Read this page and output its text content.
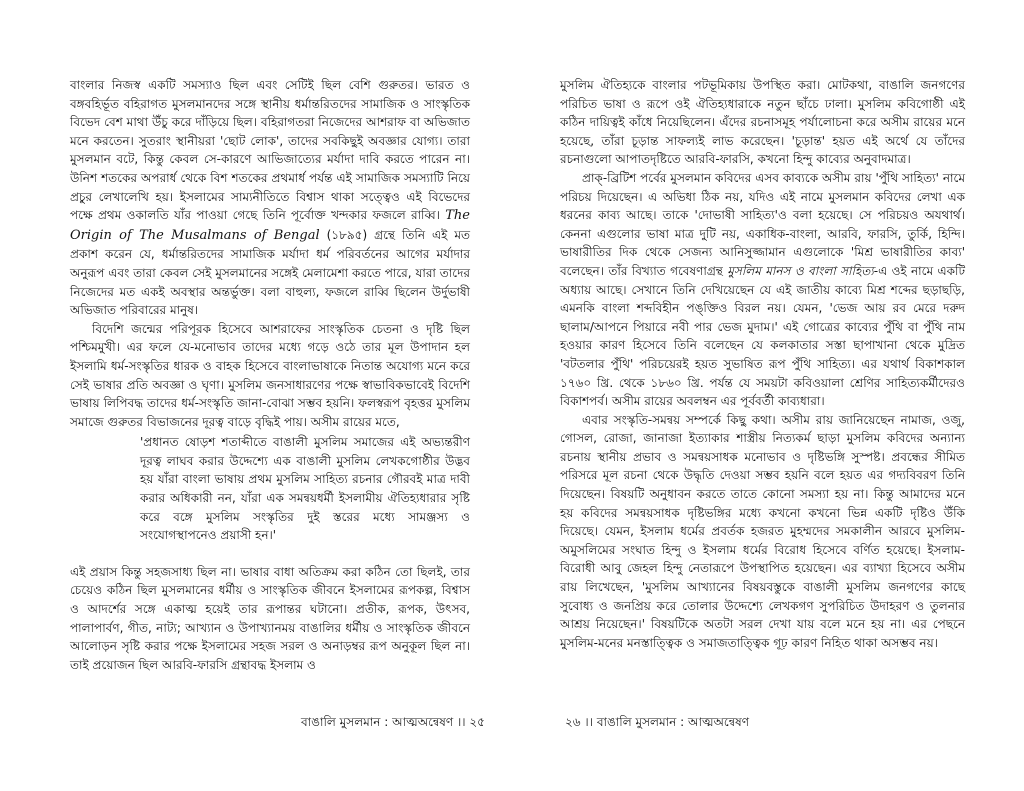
বাংলার নিজস্ব একটি সমস্যাও ছিল এবং সেটিই ছিল বেশি গুরুতর। ভারত ও বঙ্গবহির্ভূত বহিরাগত মুসলমানদের সঙ্গে স্থানীয় ধর্মান্তরিতদের সামাজিক ও সাংস্কৃতিক বিভেদ বেশ মাথা উঁচু করে দাঁড়িয়ে ছিল। বহিরাগতরা নিজেদের আশরাফ বা অভিজাত মনে করতেন। সুতরাং স্থানীয়রা 'ছোট লোক', তাদের সবকিছুই অবজ্ঞার যোগ্য। তারা মুসলমান বটে, কিন্তু কেবল সে-কারণে আভিজাত্যের মর্যাদা দাবি করতে পারেন না। উনিশ শতকের অপরার্ধ থেকে বিশ শতকের প্রথমার্ধ পর্যন্ত এই সামাজিক সমস্যাটি নিয়ে প্রচুর লেখালেখি হয়। ইসলামের সাম্যনীতিতে বিশ্বাস থাকা সত্ত্বেও এই বিভেদের পক্ষে প্রথম ওকালতি যাঁর পাওয়া গেছে তিনি পূর্বোক্ত খন্দকার ফজলে রাব্বি। The Origin of The Musalmans of Bengal (১৮৯৫) গ্রন্থে তিনি এই মত প্রকাশ করেন যে, ধর্মান্তরিতদের সামাজিক মর্যাদা ধর্ম পরিবর্তনের আগের মর্যাদার অনুরূপ এবং তারা কেবল সেই মুসলমানের সঙ্গেই মেলামেশা করতে পারে, যারা তাদের নিজেদের মত একই অবস্থার অন্তর্ভুক্ত। বলা বাহুল্য, ফজলে রাব্বি ছিলেন উর্দুভাষী অভিজাত পরিবারের মানুষ।

বিদেশি জন্মের পরিপূরক হিসেবে আশরাফের সাংস্কৃতিক চেতনা ও দৃষ্টি ছিল পশ্চিমমুখী। এর ফলে যে-মনোভাব তাদের মধ্যে গড়ে ওঠে তার মূল উপাদান হল ইসলামি ধর্ম-সংস্কৃতির ধারক ও বাহক হিসেবে বাংলাভাষাকে নিতান্ত অযোগ্য মনে করে সেই ভাষার প্রতি অবজ্ঞা ও ঘৃণা। মুসলিম জনসাধারণের পক্ষে স্বাভাবিকভাবেই বিদেশি ভাষায় লিপিবদ্ধ তাদের ধর্ম-সংস্কৃতি জানা-বোঝা সম্ভব হয়নি। ফলস্বরূপ বৃহত্তর মুসলিম সমাজে গুরুতর বিভাজনের দূরত্ব বাড়ে বৃদ্ধিই পায়। অসীম রায়ের মতে,

'প্রধানত ষোড়শ শতাব্দীতে বাঙালী মুসলিম সমাজের এই অভ্যন্তরীণ দূরত্ব লাঘব করার উদ্দেশ্যে এক বাঙালী মুসলিম লেখকগোষ্ঠীর উদ্ভব হয় যাঁরা বাংলা ভাষায় প্রথম মুসলিম সাহিত্য রচনার গৌরবই মাত্র দাবী করার অধিকারী নন, যাঁরা এক সমন্বয়ধর্মী ইসলামীয় ঐতিহ্যধারার সৃষ্টি করে বঙ্গে মুসলিম সংস্কৃতির দুই স্তরের মধ্যে সামঞ্জস্য ও সংযোগস্থাপনেও প্রয়াসী হন।'

এই প্রয়াস কিন্তু সহজসাধ্য ছিল না। ভাষার বাধা অতিক্রম করা কঠিন তো ছিলই, তার চেয়েও কঠিন ছিল মুসলমানের ধর্মীয় ও সাংস্কৃতিক জীবনে ইসলামের রূপকল্প, বিশ্বাস ও আদর্শের সঙ্গে একাত্ম হয়েই তার রূপান্তর ঘটানো। প্রতীক, রূপক, উৎসব, পালাপার্বণ, গীত, নাট্য; আখ্যান ও উপাখ্যানময় বাঙালির ধর্মীয় ও সাংস্কৃতিক জীবনে আলোড়ন সৃষ্টি করার পক্ষে ইসলামের সহজ সরল ও অনাড়ম্বর রূপ অনুকূল ছিল না। তাই প্রয়োজন ছিল আরবি-ফারসি গ্রন্থাবদ্ধ ইসলাম ও

বাঙালি মুসলমান : আত্মঅন্বেষণ ।। ২৫

মুসলিম ঐতিহ্যকে বাংলার পটভূমিকায় উপস্থিত করা। মোটকথা, বাঙালি জনগণের পরিচিত ভাষা ও রূপে ওই ঐতিহ্যধারাকে নতুন ছাঁচে ঢালা। মুসলিম কবিগোষ্ঠী এই কঠিন দায়িত্বই কাঁধে নিয়েছিলেন। এঁদের রচনাসমূহ পর্যালোচনা করে অসীম রায়ের মনে হয়েছে, তাঁরা চূড়ান্ত সাফল্যই লাভ করেছেন। 'চূড়ান্ত' হয়ত এই অর্থে যে তাঁদের রচনাগুলো আপাতদৃষ্টিতে আরবি-ফারসি, কখনো হিন্দু কাব্যের অনুবাদমাত্র।

প্রাক্-ব্রিটিশ পর্বের মুসলমান কবিদের এসব কাব্যকে অসীম রায় 'পুঁথি সাহিত্য' নামে পরিচয় দিয়েছেন। এ অভিধা ঠিক নয়, যদিও এই নামে মুসলমান কবিদের লেখা এক ধরনের কাব্য আছে। তাকে 'দোভাষী সাহিত্য'ও বলা হয়েছে। সে পরিচয়ও অযথার্থ। কেননা এগুলোর ভাষা মাত্র দুটি নয়, একাধিক-বাংলা, আরবি, ফারসি, তুর্কি, হিন্দি। ভাষারীতির দিক থেকে সেজন্য আনিসুজ্জামান এগুলোকে 'মিশ্র ভাষারীতির কাব্য' বলেছেন। তাঁর বিখ্যাত গবেষণাগ্রন্থ মুসলিম মানস ও বাংলা সাহিত্য-এ ওই নামে একটি অধ্যায় আছে। সেখানে তিনি দেখিয়েছেন যে এই জাতীয় কাব্যে মিশ্র শব্দের ছড়াছড়ি, এমনকি বাংলা শব্দবিহীন পঙ্‌ক্তিও বিরল নয়। যেমন, 'ভেজ আয় রব মেরে দরুদ ছালাম/আপনে পিয়ারে নবী পার ভেজ মুদাম।' এই গোত্রের কাব্যের পুঁথি বা পুঁথি নাম হওয়ার কারণ হিসেবে তিনি বলেছেন যে কলকাতার সস্তা ছাপাখানা থেকে মুদ্রিত 'বটতলার পুঁথি' পরিচয়েরই হয়ত সুভাষিত রূপ পুঁথি সাহিত্য। এর যথার্থ বিকাশকাল ১৭৬০ খ্রি. থেকে ১৮৬০ খ্রি. পর্যন্ত যে সময়টা কবিওয়ালা শ্রেণির সাহিত্যকর্মীদেরও বিকাশপর্ব। অসীম রায়ের অবলম্বন এর পূর্ববর্তী কাব্যধারা।

এবার সংস্কৃতি-সমন্বয় সম্পর্কে কিছু কথা। অসীম রায় জানিয়েছেন নামাজ, ওজু, গোসল, রোজা, জানাজা ইত্যাকার শাস্ত্রীয় নিত্যকর্ম ছাড়া মুসলিম কবিদের অন্যান্য রচনায় স্থানীয় প্রভাব ও সমন্বয়সাধক মনোভাব ও দৃষ্টিভঙ্গি সুস্পষ্ট। প্রবন্ধের সীমিত পরিসরে মূল রচনা থেকে উদ্ধৃতি দেওয়া সম্ভব হয়নি বলে হয়ত এর গদ্যবিবরণ তিনি দিয়েছেন। বিষয়টি অনুধাবন করতে তাতে কোনো সমস্যা হয় না। কিন্তু আমাদের মনে হয় কবিদের সমন্বয়সাধক দৃষ্টিভঙ্গির মধ্যে কখনো কখনো ভিন্ন একটি দৃষ্টিও উঁকি দিয়েছে। যেমন, ইসলাম ধর্মের প্রবর্তক হজরত মুহম্মদের সমকালীন আরবে মুসলিম-অমুসলিমের সংঘাত হিন্দু ও ইসলাম ধর্মের বিরোধ হিসেবে বর্ণিত হয়েছে। ইসলাম-বিরোধী আবু জেহল হিন্দু নেতারূপে উপস্থাপিত হয়েছেন। এর ব্যাখ্যা হিসেবে অসীম রায় লিখেছেন, 'মুসলিম আখ্যানের বিষয়বস্তুকে বাঙালী মুসলিম জনগণের কাছে সুবোধ্য ও জনপ্রিয় করে তোলার উদ্দেশ্যে লেখকগণ সুপরিচিত উদাহরণ ও তুলনার আশ্রয় নিয়েছেন।' বিষয়টিকে অতটা সরল দেখা যায় বলে মনে হয় না। এর পেছনে মুসলিম-মনের মনস্তাত্ত্বিক ও সমাজতাত্ত্বিক গূঢ় কারণ নিহিত থাকা অসম্ভব নয়।

২৬ ।। বাঙালি মুসলমান : আত্মঅন্বেষণ
